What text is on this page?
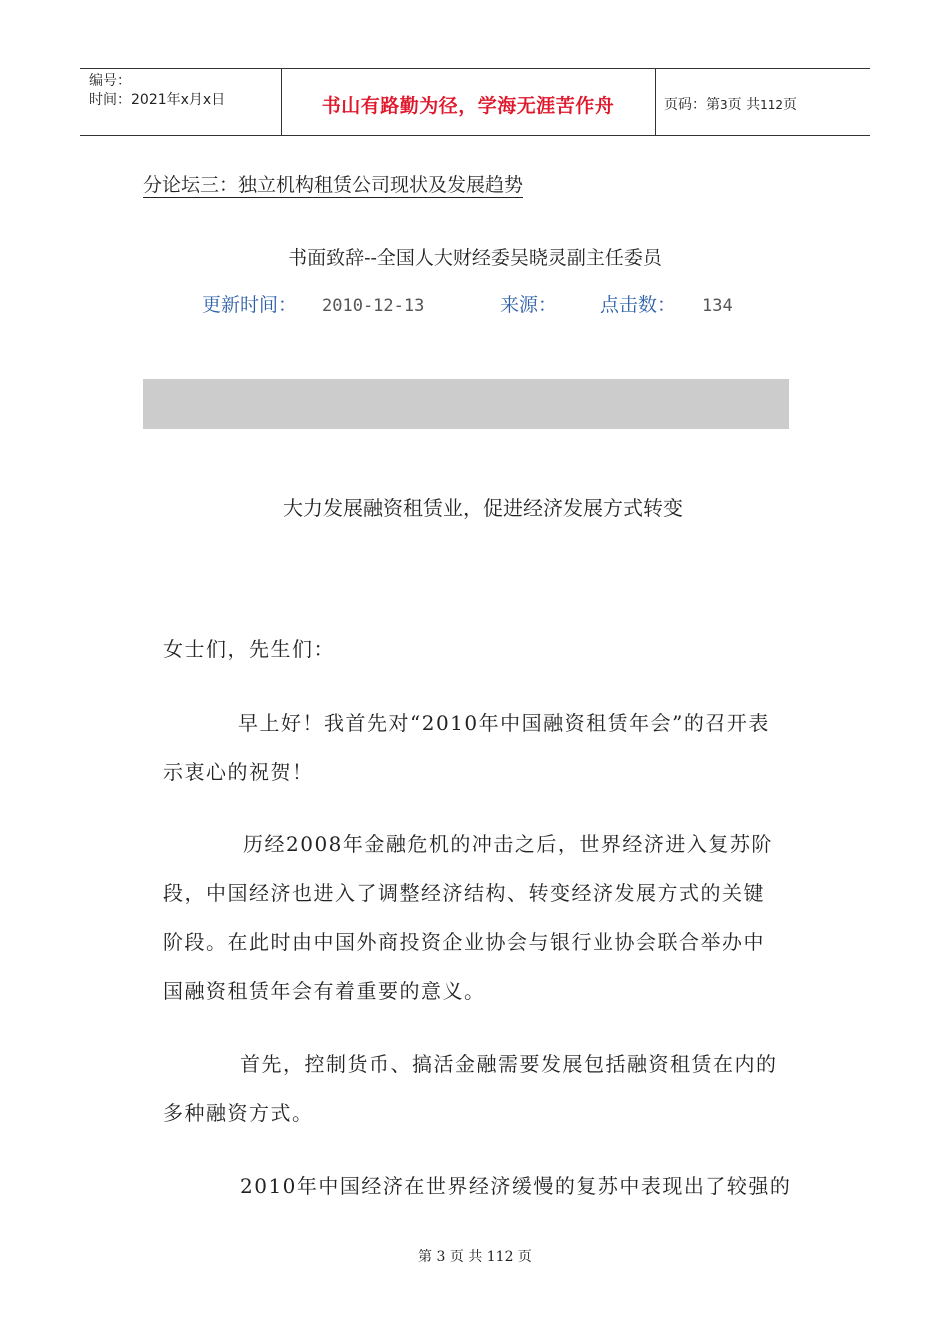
编号：
时间：2021年x月x日	书山有路勤为径，学海无涯苦作舟	页码：第3页 共112页
分论坛三：独立机构租赁公司现状及发展趋势
书面致辞--全国人大财经委吴晓灵副主任委员
更新时间： 2010-12-13	来源： 点击数： 134
大力发展融资租赁业，促进经济发展方式转变
女士们，先生们：
早上好！我首先对“2010年中国融资租赁年会”的召开表
示衷心的祝贺！
历经2008年金融危机的冲击之后，世界经济进入复苏阶
段，中国经济也进入了调整经济结构、转变经济发展方式的关键
阶段。在此时由中国外商投资企业协会与银行业协会联合举办中
国融资租赁年会有着重要的意义。
首先，控制货币、搞活金融需要发展包括融资租赁在内的
多种融资方式。
2010年中国经济在世界经济缓慢的复苏中表现出了较强的
第 3 页 共 112 页
